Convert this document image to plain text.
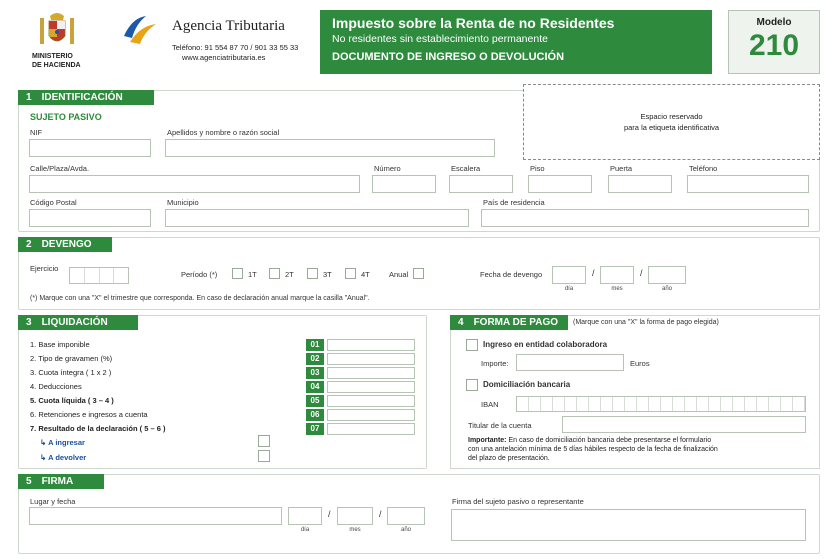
MINISTERIO
DE HACIENDA
Agencia Tributaria
Teléfono: 91 554 87 70 / 901 33 55 33
www.agenciatributaria.es
Impuesto sobre la Renta de no Residentes
No residentes sin establecimiento permanente
DOCUMENTO DE INGRESO O DEVOLUCIÓN
Modelo
210
1 IDENTIFICACIÓN
Espacio reservado
para la etiqueta identificativa
SUJETO PASIVO
NIF	Apellidos y nombre o razón social
Calle/Plaza/Avda.	Número	Escalera	Piso	Puerta	Teléfono
Código Postal	Municipio	País de residencia
2 DEVENGO
Ejercicio
Período (*)	1T	2T	3T	4T	Anual	Fecha de devengo	/	/
día	mes	año
(*) Marque con una "X" el trimestre que corresponda. En caso de declaración anual marque la casilla "Anual".
3 LIQUIDACIÓN
1. Base imponible	01
2. Tipo de gravamen (%)	02
3. Cuota íntegra ( 1 x 2 )	03
4. Deducciones	04
5. Cuota líquida ( 3 – 4 )	05
6. Retenciones e ingresos a cuenta	06
7. Resultado de la declaración ( 5 – 6 )	07
↳ A ingresar
↳ A devolver
4 FORMA DE PAGO	(Marque con una "X" la forma de pago elegida)
Ingreso en entidad colaboradora
Importe:	Euros
Domiciliación bancaria
IBAN
Titular de la cuenta
Importante: En caso de domiciliación bancaria debe presentarse el formulario
con una antelación mínima de 5 días hábiles respecto de la fecha de finalización
del plazo de presentación.
5 FIRMA
Lugar y fecha
/	/
día	mes	año
Firma del sujeto pasivo o representante
